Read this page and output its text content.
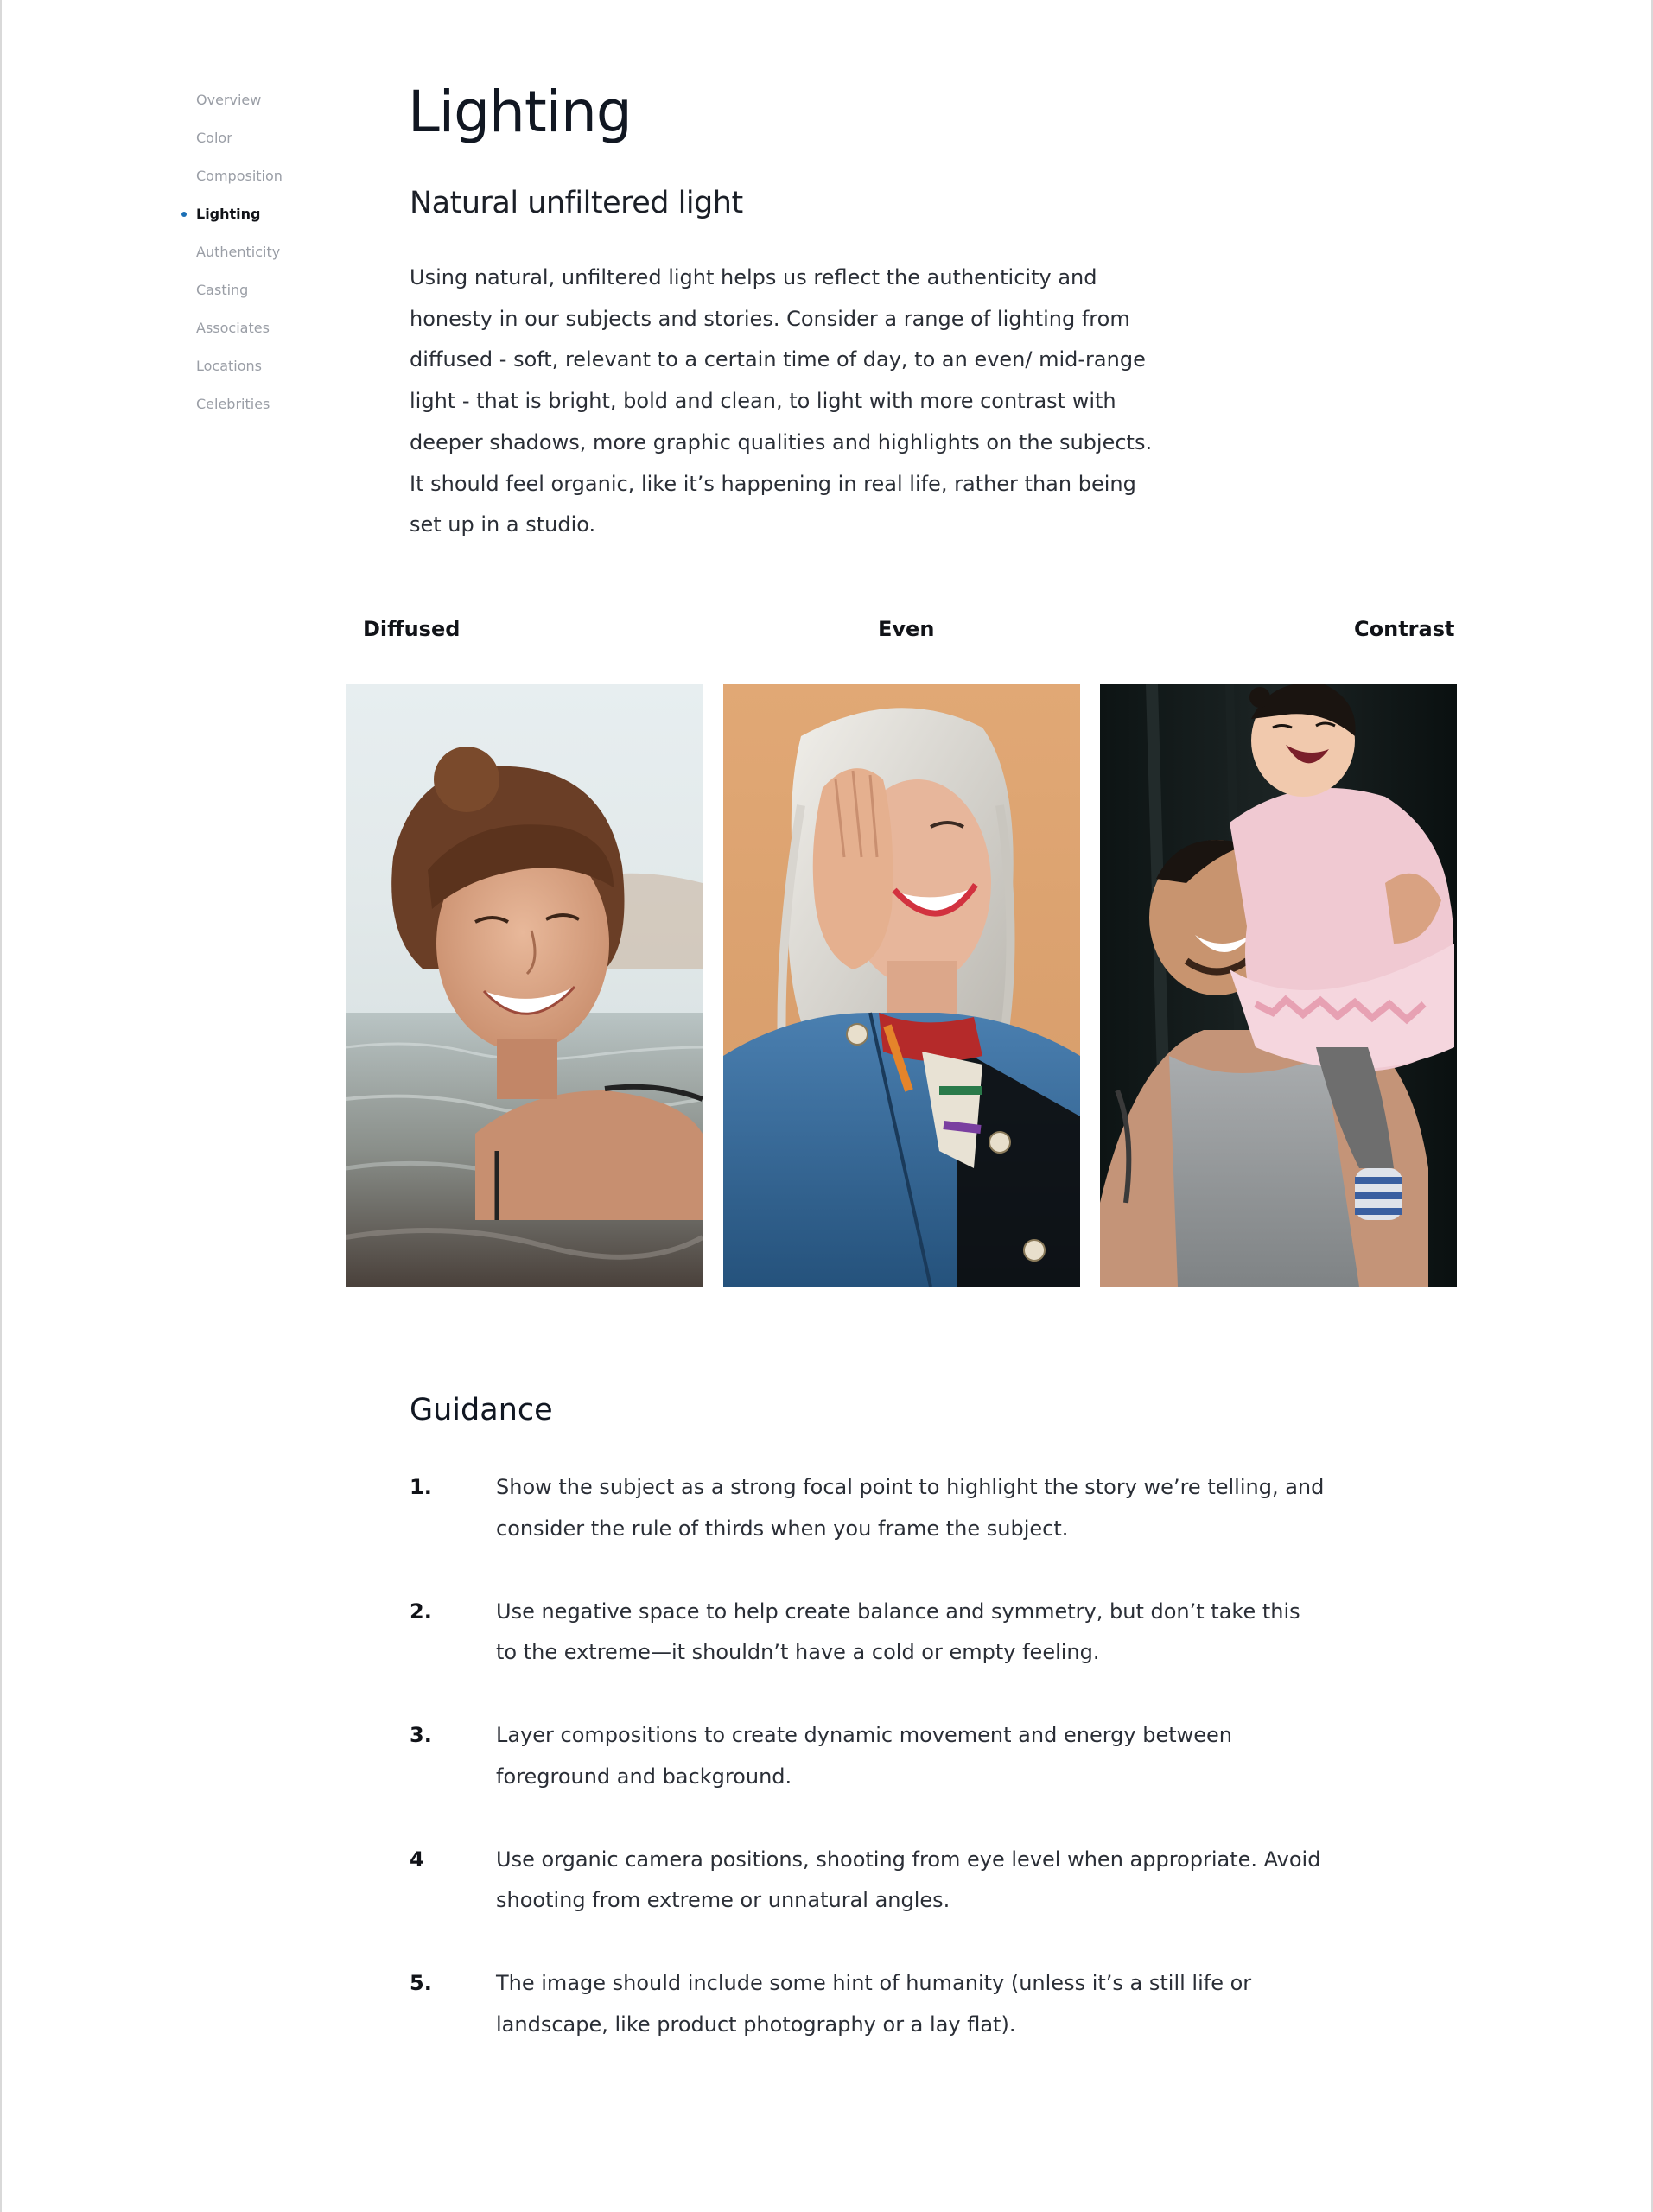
Overview
Color
Composition
Lighting
Authenticity
Casting
Associates
Locations
Celebrities
Lighting
Natural unfiltered light

Using natural, unfiltered light helps us reflect the authenticity and honesty in our subjects and stories. Consider a range of lighting from diffused - soft, relevant to a certain time of day, to an even/ mid-range light - that is bright, bold and clean, to light with more contrast with deeper shadows, more graphic qualities and highlights on the subjects. It should feel organic, like it’s happening in real life, rather than being set up in a studio.

Diffused	Even	Contrast
Guidance
1.	Show the subject as a strong focal point to highlight the story we’re telling, and consider the rule of thirds when you frame the subject.
2.	Use negative space to help create balance and symmetry, but don’t take this to the extreme—it shouldn’t have a cold or empty feeling.
3.	Layer compositions to create dynamic movement and energy between foreground and background.
4	Use organic camera positions, shooting from eye level when appropriate. Avoid shooting from extreme or unnatural angles.
5.	The image should include some hint of humanity (unless it’s a still life or landscape, like product photography or a lay flat).
